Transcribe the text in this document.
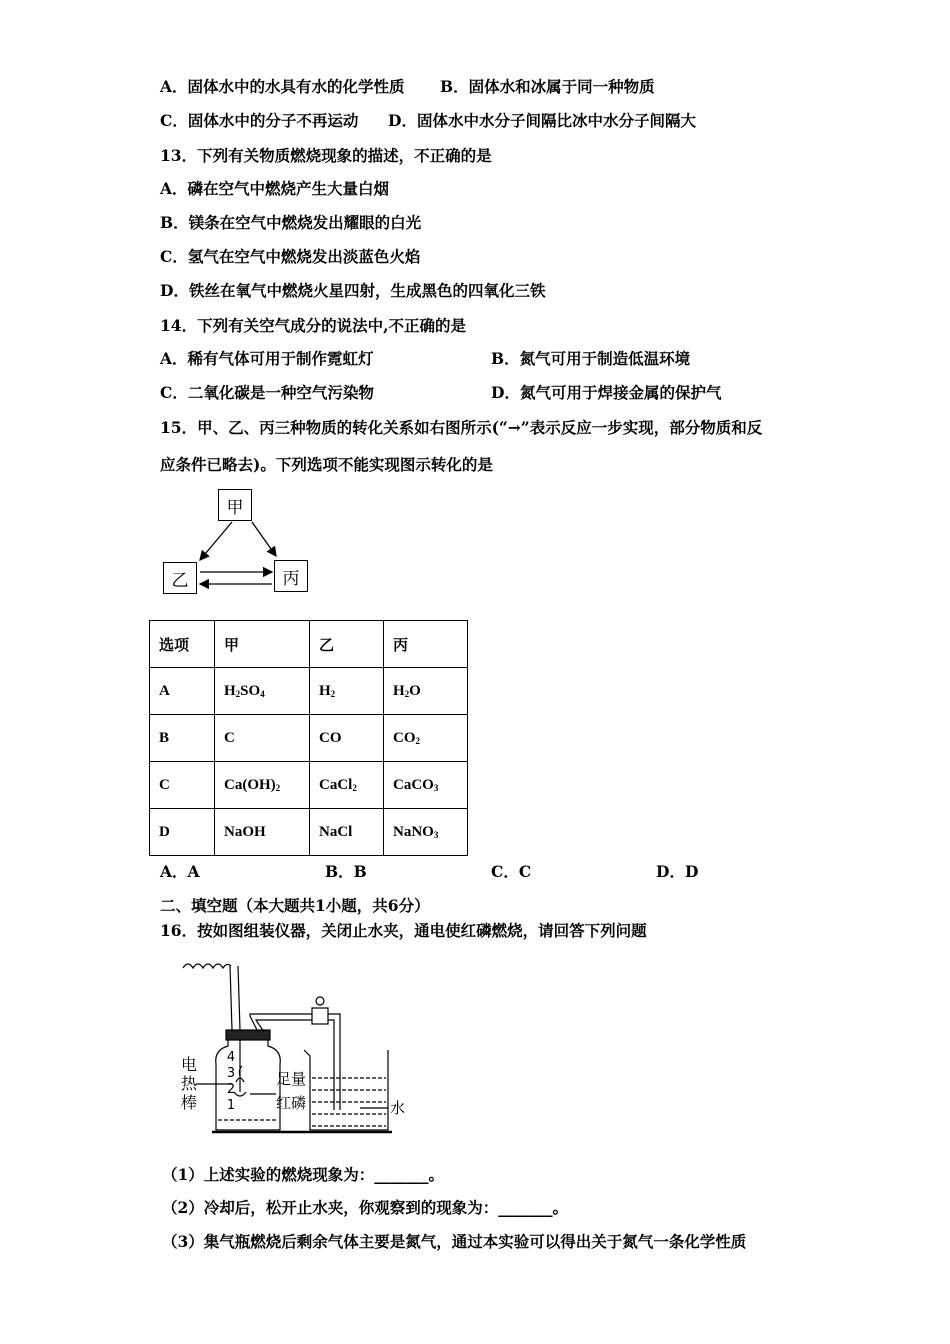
A．固体水中的水具有水的化学性质 B．固体水和冰属于同一种物质
C．固体水中的分子不再运动 D．固体水中水分子间隔比冰中水分子间隔大
13．下列有关物质燃烧现象的描述，不正确的是
A．磷在空气中燃烧产生大量白烟
B．镁条在空气中燃烧发出耀眼的白光
C．氢气在空气中燃烧发出淡蓝色火焰
D．铁丝在氧气中燃烧火星四射，生成黑色的四氧化三铁
14．下列有关空气成分的说法中,不正确的是
A．稀有气体可用于制作霓虹灯	B．氮气可用于制造低温环境
C．二氧化碳是一种空气污染物	D．氮气可用于焊接金属的保护气
15．甲、乙、丙三种物质的转化关系如右图所示(“→”表示反应一步实现，部分物质和反
应条件已略去)。下列选项不能实现图示转化的是
甲
乙	丙
选项	甲	乙	丙
A	H2SO4	H2	H2O
B	C	CO	CO2
C	Ca(OH)2	CaCl2	CaCO3
D	NaOH	NaCl	NaNO3
A．A	B．B	C．C	D．D
二、填空题（本大题共1小题，共6分）
16．按如图组装仪器，关闭止水夹，通电使红磷燃烧，请回答下列问题
电
热
棒
4
3
2
1
足量
红磷	水
（1）上述实验的燃烧现象为：_______。
（2）冷却后，松开止水夹，你观察到的现象为：_______。
（3）集气瓶燃烧后剩余气体主要是氮气，通过本实验可以得出关于氮气一条化学性质
